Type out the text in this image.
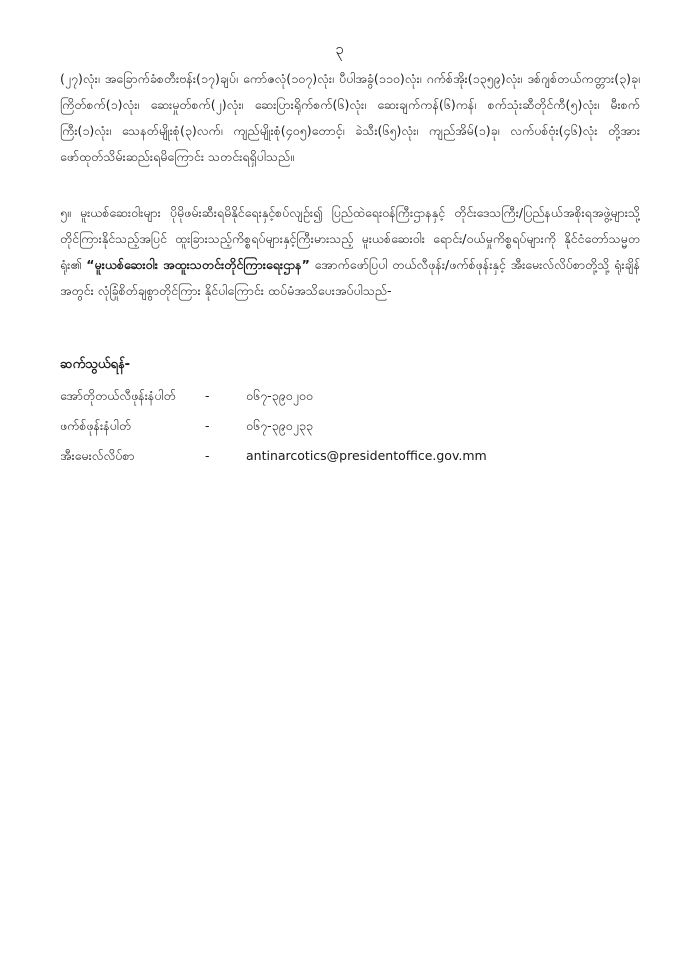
၃

(၂၇)လုံး၊ အခြောက်ခံစတီးဗန်း(၁၇)ချပ်၊ ကော်ဇလုံ(၁၀၇)လုံး၊ ပီပါအခွံ(၁၁၀)လုံး၊ ဂက်စ်အိုး(၁၃၅၉)လုံး၊ ဒစ်ဂျစ်တယ်ကတ္တား(၃)ခု၊ ကြိတ်စက်(၁)လုံး၊ ဆေးမှုတ်စက်(၂)လုံး၊ ဆေးပြားရိုက်စက်(၆)လုံး၊ ဆေးချက်ကန်(၆)ကန်၊ စက်သုံးဆီတိုင်ကီ(၅)လုံး၊ မီးစက်ကြီး(၁)လုံး၊ သေနတ်မျိုးစုံ(၃)လက်၊ ကျည်မျိုးစုံ(၄၀၅)တောင့်၊ ခဲသီး(၆၅)လုံး၊ ကျည်အိမ်(၁)ခု၊ လက်ပစ်ဗုံး(၄၆)လုံး တို့အား ဖော်ထုတ်သိမ်းဆည်းရမိကြောင်း သတင်းရရှိပါသည်။

၅။ မူးယစ်ဆေးဝါးများ ပိုမိုဖမ်းဆီးရမိနိုင်ရေးနှင့်စပ်လျဉ်း၍ ပြည်ထဲရေးဝန်ကြီးဌာနနှင့် တိုင်းဒေသကြီး/ပြည်နယ်အစိုးရအဖွဲ့များသို့ တိုင်ကြားနိုင်သည့်အပြင် ထူးခြားသည့်ကိစ္စရပ်များနှင့်ကြီးမားသည့် မူးယစ်ဆေးဝါး ရောင်း/ဝယ်မှုကိစ္စရပ်များကို နိုင်ငံတော်သမ္မတရုံး၏ “မူးယစ်ဆေးဝါး အထူးသတင်းတိုင်ကြားရေးဌာန” အောက်ဖော်ပြပါ တယ်လီဖုန်း/ဖက်စ်ဖုန်းနှင့် အီးမေးလ်လိပ်စာတို့သို့ ရုံးချိန်အတွင်း လုံခြုံစိတ်ချစွာတိုင်ကြား နိုင်ပါကြောင်း ထပ်မံအသိပေးအပ်ပါသည်-

ဆက်သွယ်ရန်-
အော်တိုတယ်လီဖုန်းနံပါတ် -	၀၆၇-၃၉၀၂၀၀
ဖက်စ်ဖုန်းနံပါတ်	-	၀၆၇-၃၉၀၂၃၃
အီးမေးလ်လိပ်စာ	-	antinarcotics@presidentoffice.gov.mm
